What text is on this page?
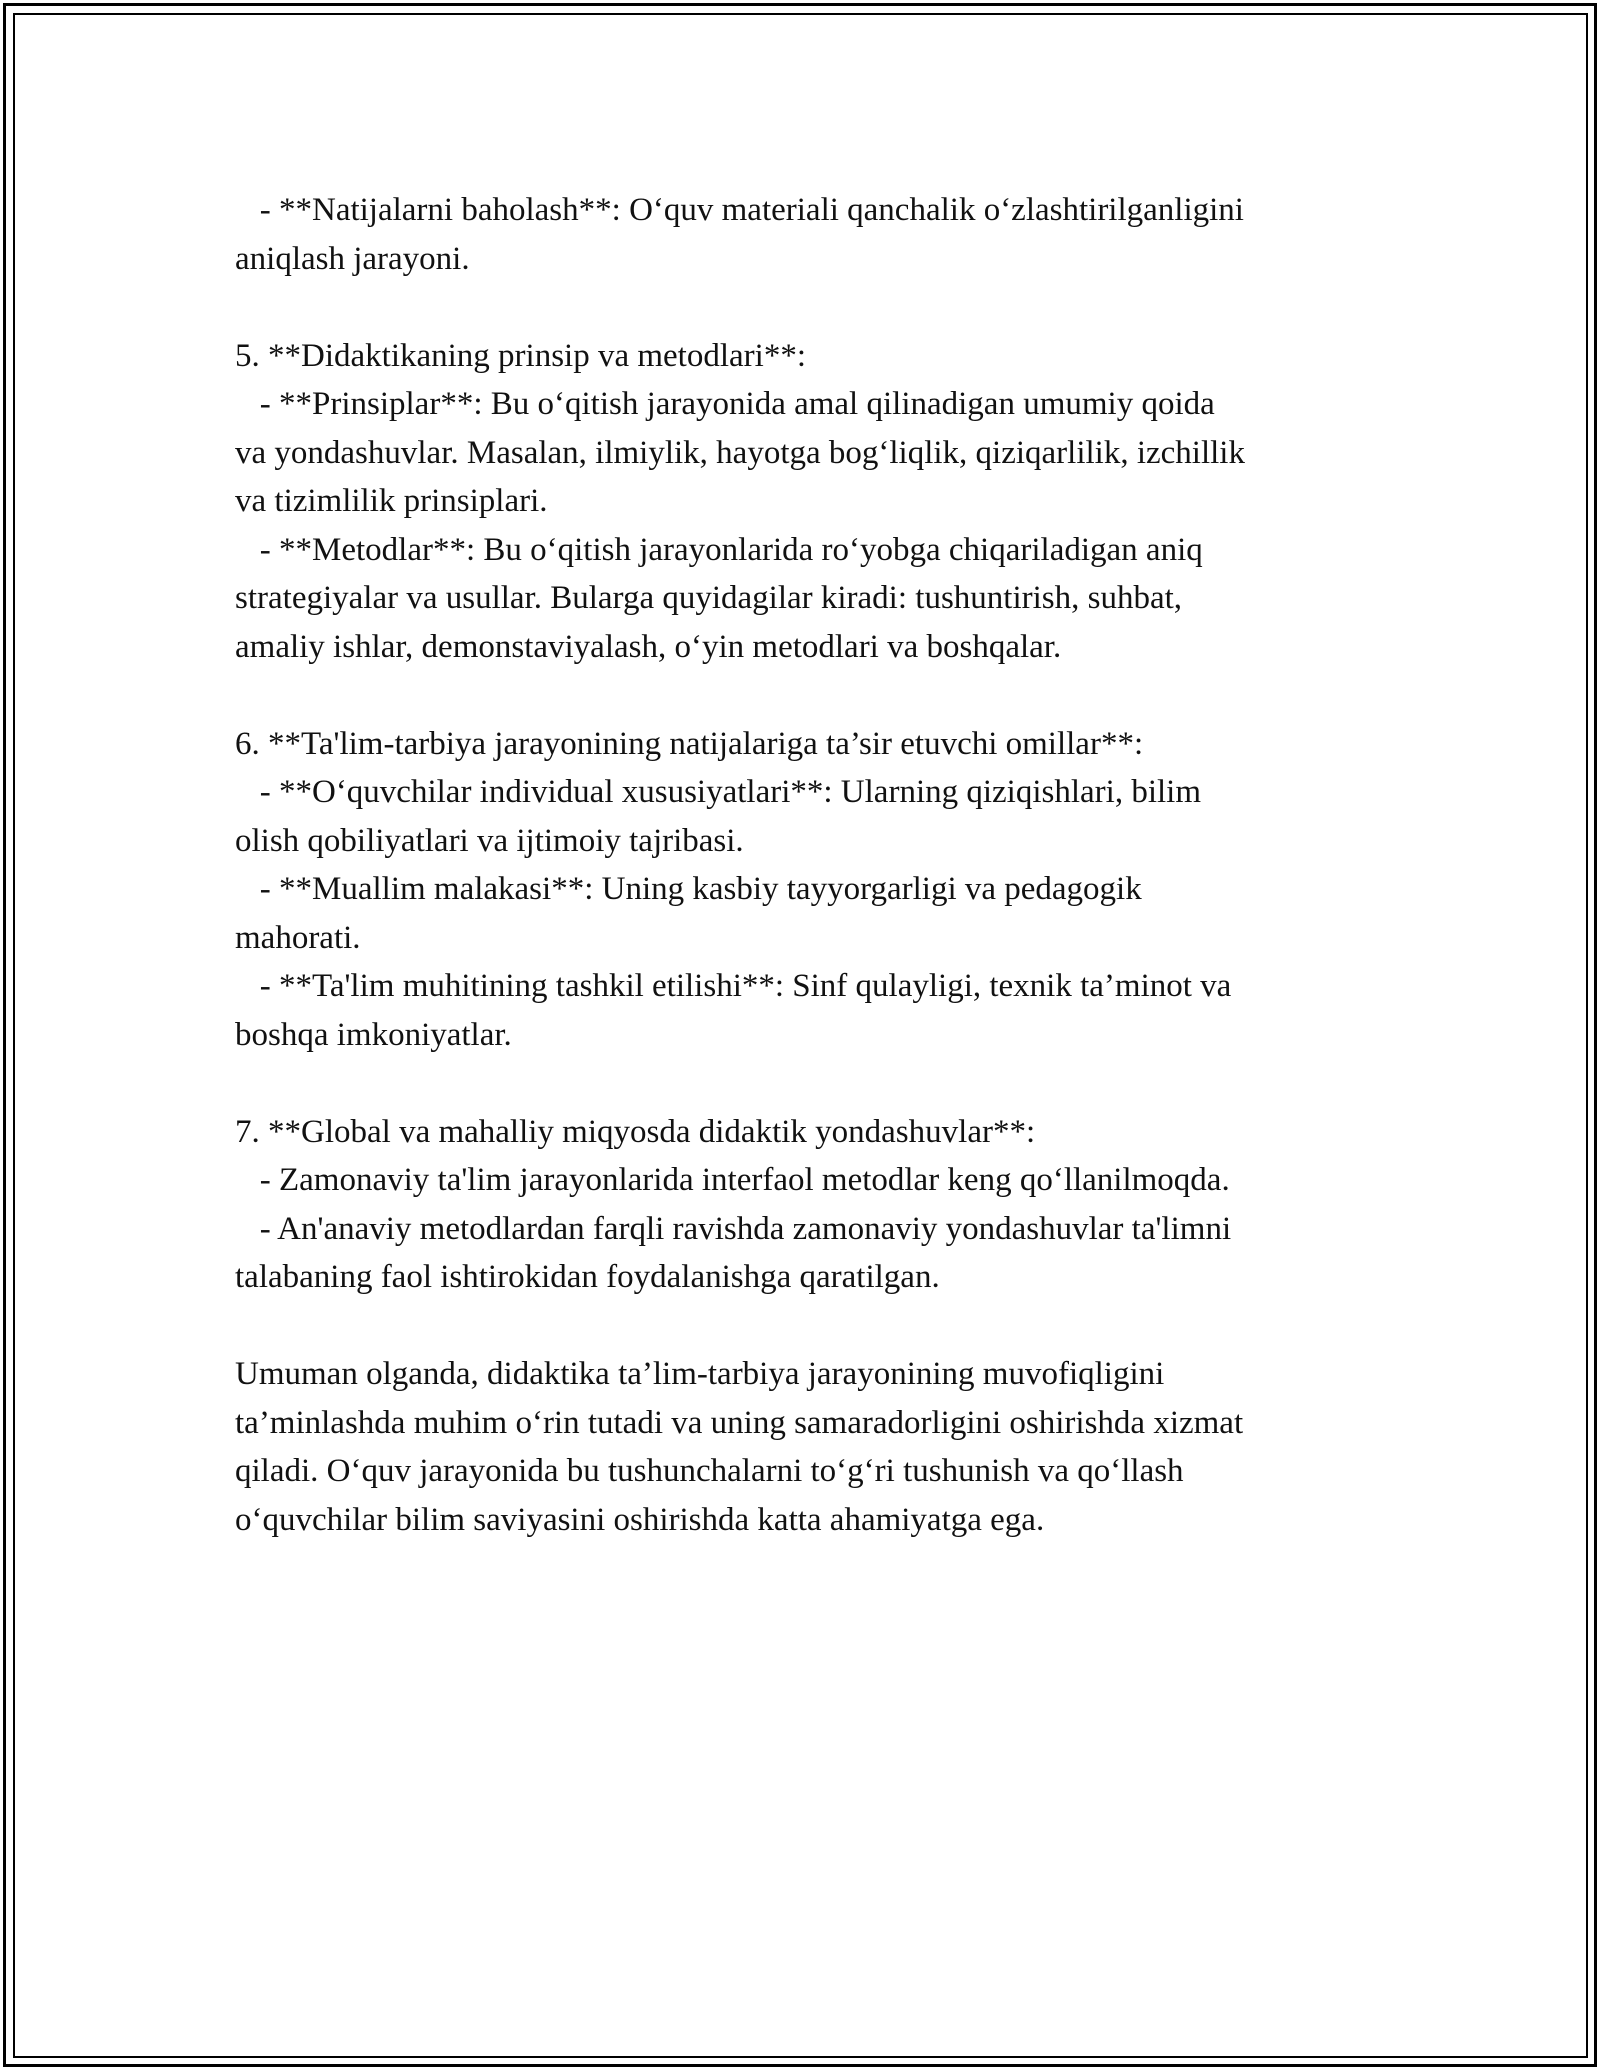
- **Natijalarni baholash**: O‘quv materiali qanchalik o‘zlashtirilganligini
aniqlash jarayoni.
5. **Didaktikaning prinsip va metodlari**:
- **Prinsiplar**: Bu o‘qitish jarayonida amal qilinadigan umumiy qoida
va yondashuvlar. Masalan, ilmiylik, hayotga bog‘liqlik, qiziqarlilik, izchillik
va tizimlilik prinsiplari.
- **Metodlar**: Bu o‘qitish jarayonlarida ro‘yobga chiqariladigan aniq
strategiyalar va usullar. Bularga quyidagilar kiradi: tushuntirish, suhbat,
amaliy ishlar, demonstaviyalash, o‘yin metodlari va boshqalar.
6. **Ta'lim-tarbiya jarayonining natijalariga ta’sir etuvchi omillar**:
- **O‘quvchilar individual xususiyatlari**: Ularning qiziqishlari, bilim
olish qobiliyatlari va ijtimoiy tajribasi.
- **Muallim malakasi**: Uning kasbiy tayyorgarligi va pedagogik
mahorati.
- **Ta'lim muhitining tashkil etilishi**: Sinf qulayligi, texnik ta’minot va
boshqa imkoniyatlar.
7. **Global va mahalliy miqyosda didaktik yondashuvlar**:
- Zamonaviy ta'lim jarayonlarida interfaol metodlar keng qo‘llanilmoqda.
- An'anaviy metodlardan farqli ravishda zamonaviy yondashuvlar ta'limni
talabaning faol ishtirokidan foydalanishga qaratilgan.
Umuman olganda, didaktika ta’lim-tarbiya jarayonining muvofiqligini
ta’minlashda muhim o‘rin tutadi va uning samaradorligini oshirishda xizmat
qiladi. O‘quv jarayonida bu tushunchalarni to‘g‘ri tushunish va qo‘llash
o‘quvchilar bilim saviyasini oshirishda katta ahamiyatga ega.
